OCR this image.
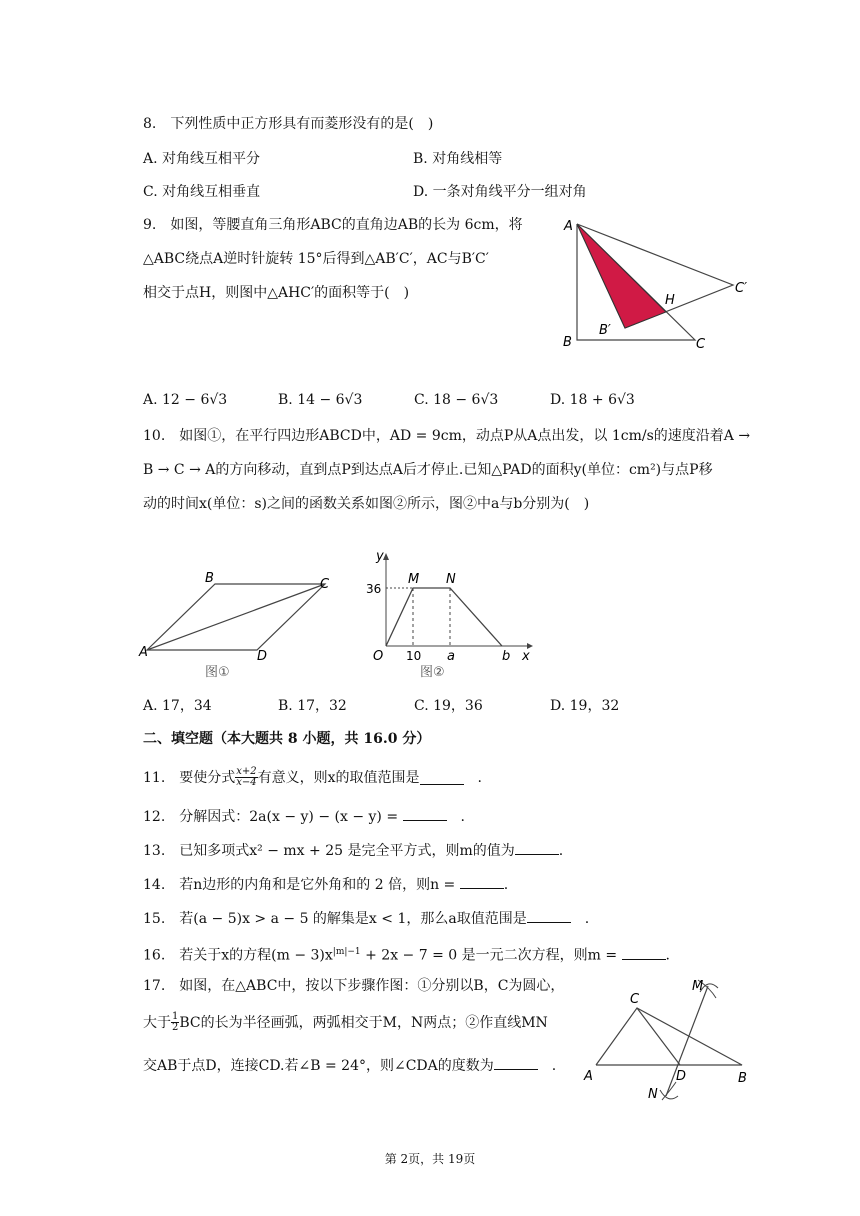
8.　下列性质中正方形具有而菱形没有的是(　)
A. 对角线互相平分	B. 对角线相等
C. 对角线互相垂直	D. 一条对角线平分一组对角
9.　如图，等腰直角三角形ABC的直角边AB的长为 6cm，将
△ABC绕点A逆时针旋转 15°后得到△AB′C′，AC与B′C′
相交于点H，则图中△AHC′的面积等于(　)
A
B	C
B′
C′
H
A. 12 − 6√3	B. 14 − 6√3	C. 18 − 6√3	D. 18 + 6√3
10.　如图①，在平行四边形ABCD中，AD = 9cm，动点P从A点出发，以 1cm/s的速度沿着A →
B → C → A的方向移动，直到点P到达点A后才停止.已知△PAD的面积y(单位：cm²)与点P移
动的时间x(单位：s)之间的函数关系如图②所示，图②中a与b分别为(　)
A
B	C
D
图①
y
x
O
M N
36
10 a	b
图②
A. 17，34	B. 17，32	C. 19，36	D. 19，32
二、填空题（本大题共 8 小题，共 16.0 分）
11.　要使分式 $\frac{x+2}{x-4}$ 有意义，则x的取值范围是	　.
12.　分解因式：2a(x − y) − (x − y) =	　.
13.　已知多项式x² − mx + 25 是完全平方式，则m的值为	.
14.　若n边形的内角和是它外角和的 2 倍，则n =	.
15.　若(a − 5)x > a − 5 的解集是x < 1，那么a取值范围是	　.
16.　若关于x的方程$(m - 3)x^{|m|-1} + 2x - 7 = 0$ 是一元二次方程，则m =	.
17.　如图，在△ABC中，按以下步骤作图：①分别以B，C为圆心，
大于 $\frac{1}{2}$ BC的长为半径画弧，两弧相交于M，N两点；②作直线MN
交AB于点D，连接CD.若∠B = 24°，则∠CDA的度数为	　.
A	B
C
D
M
N
第 2页，共 19页
